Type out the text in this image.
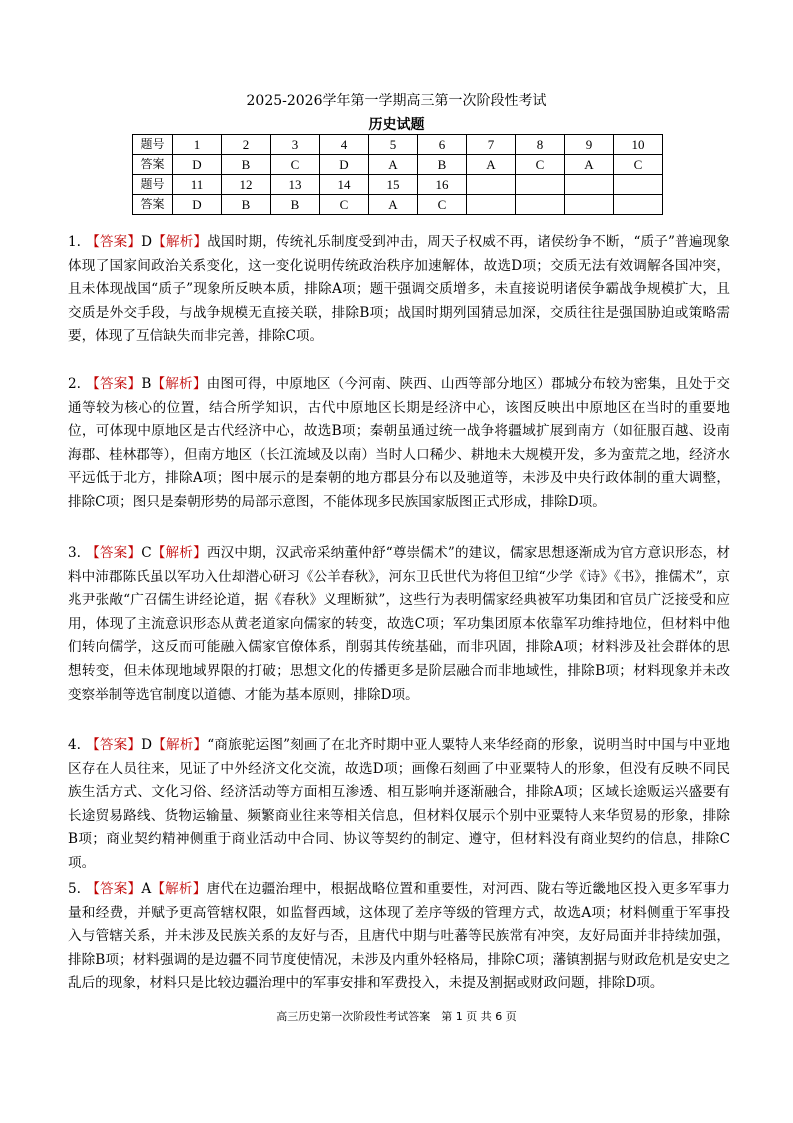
2025-2026学年第一学期高三第一次阶段性考试
历史试题
题号	1	2	3	4	5	6	7	8	9	10
答案	D	B	C	D	A	B	A	C	A	C
题号	11	12	13	14	15	16				
答案	D	B	B	C	A	C				
1. 【答案】D【解析】战国时期，传统礼乐制度受到冲击，周天子权威不再，诸侯纷争不断，“质子”普遍现象体现了国家间政治关系变化，这一变化说明传统政治秩序加速解体，故选D项；交质无法有效调解各国冲突，且未体现战国“质子”现象所反映本质，排除A项；题干强调交质增多，未直接说明诸侯争霸战争规模扩大，且交质是外交手段，与战争规模无直接关联，排除B项；战国时期列国猜忌加深，交质往往是强国胁迫或策略需要，体现了互信缺失而非完善，排除C项。
2. 【答案】B【解析】由图可得，中原地区（今河南、陕西、山西等部分地区）郡城分布较为密集，且处于交通等较为核心的位置，结合所学知识，古代中原地区长期是经济中心，该图反映出中原地区在当时的重要地位，可体现中原地区是古代经济中心，故选B项；秦朝虽通过统一战争将疆域扩展到南方（如征服百越、设南海郡、桂林郡等），但南方地区（长江流域及以南）当时人口稀少、耕地未大规模开发，多为蛮荒之地，经济水平远低于北方，排除A项；图中展示的是秦朝的地方郡县分布以及驰道等，未涉及中央行政体制的重大调整，排除C项；图只是秦朝形势的局部示意图，不能体现多民族国家版图正式形成，排除D项。
3. 【答案】C【解析】西汉中期，汉武帝采纳董仲舒“尊崇儒术”的建议，儒家思想逐渐成为官方意识形态，材料中沛郡陈氏虽以军功入仕却潜心研习《公羊春秋》，河东卫氏世代为将但卫绾“少学《诗》《书》，推儒术”，京兆尹张敞“广召儒生讲经论道，据《春秋》义理断狱”，这些行为表明儒家经典被军功集团和官员广泛接受和应用，体现了主流意识形态从黄老道家向儒家的转变，故选C项；军功集团原本依靠军功维持地位，但材料中他们转向儒学，这反而可能融入儒家官僚体系，削弱其传统基础，而非巩固，排除A项；材料涉及社会群体的思想转变，但未体现地域界限的打破；思想文化的传播更多是阶层融合而非地域性，排除B项；材料现象并未改变察举制等选官制度以道德、才能为基本原则，排除D项。
4. 【答案】D【解析】“商旅驼运图”刻画了在北齐时期中亚人粟特人来华经商的形象，说明当时中国与中亚地区存在人员往来，见证了中外经济文化交流，故选D项；画像石刻画了中亚粟特人的形象，但没有反映不同民族生活方式、文化习俗、经济活动等方面相互渗透、相互影响并逐渐融合，排除A项；区域长途贩运兴盛要有长途贸易路线、货物运输量、频繁商业往来等相关信息，但材料仅展示个别中亚粟特人来华贸易的形象，排除B项；商业契约精神侧重于商业活动中合同、协议等契约的制定、遵守，但材料没有商业契约的信息，排除C项。
5. 【答案】A【解析】唐代在边疆治理中，根据战略位置和重要性，对河西、陇右等近畿地区投入更多军事力量和经费，并赋予更高管辖权限，如监督西域，这体现了差序等级的管理方式，故选A项；材料侧重于军事投入与管辖关系，并未涉及民族关系的友好与否，且唐代中期与吐蕃等民族常有冲突，友好局面并非持续加强，排除B项；材料强调的是边疆不同节度使情况，未涉及内重外轻格局，排除C项；藩镇割据与财政危机是安史之乱后的现象，材料只是比较边疆治理中的军事安排和军费投入，未提及割据或财政问题，排除D项。
高三历史第一次阶段性考试答案　第 1 页 共 6 页
